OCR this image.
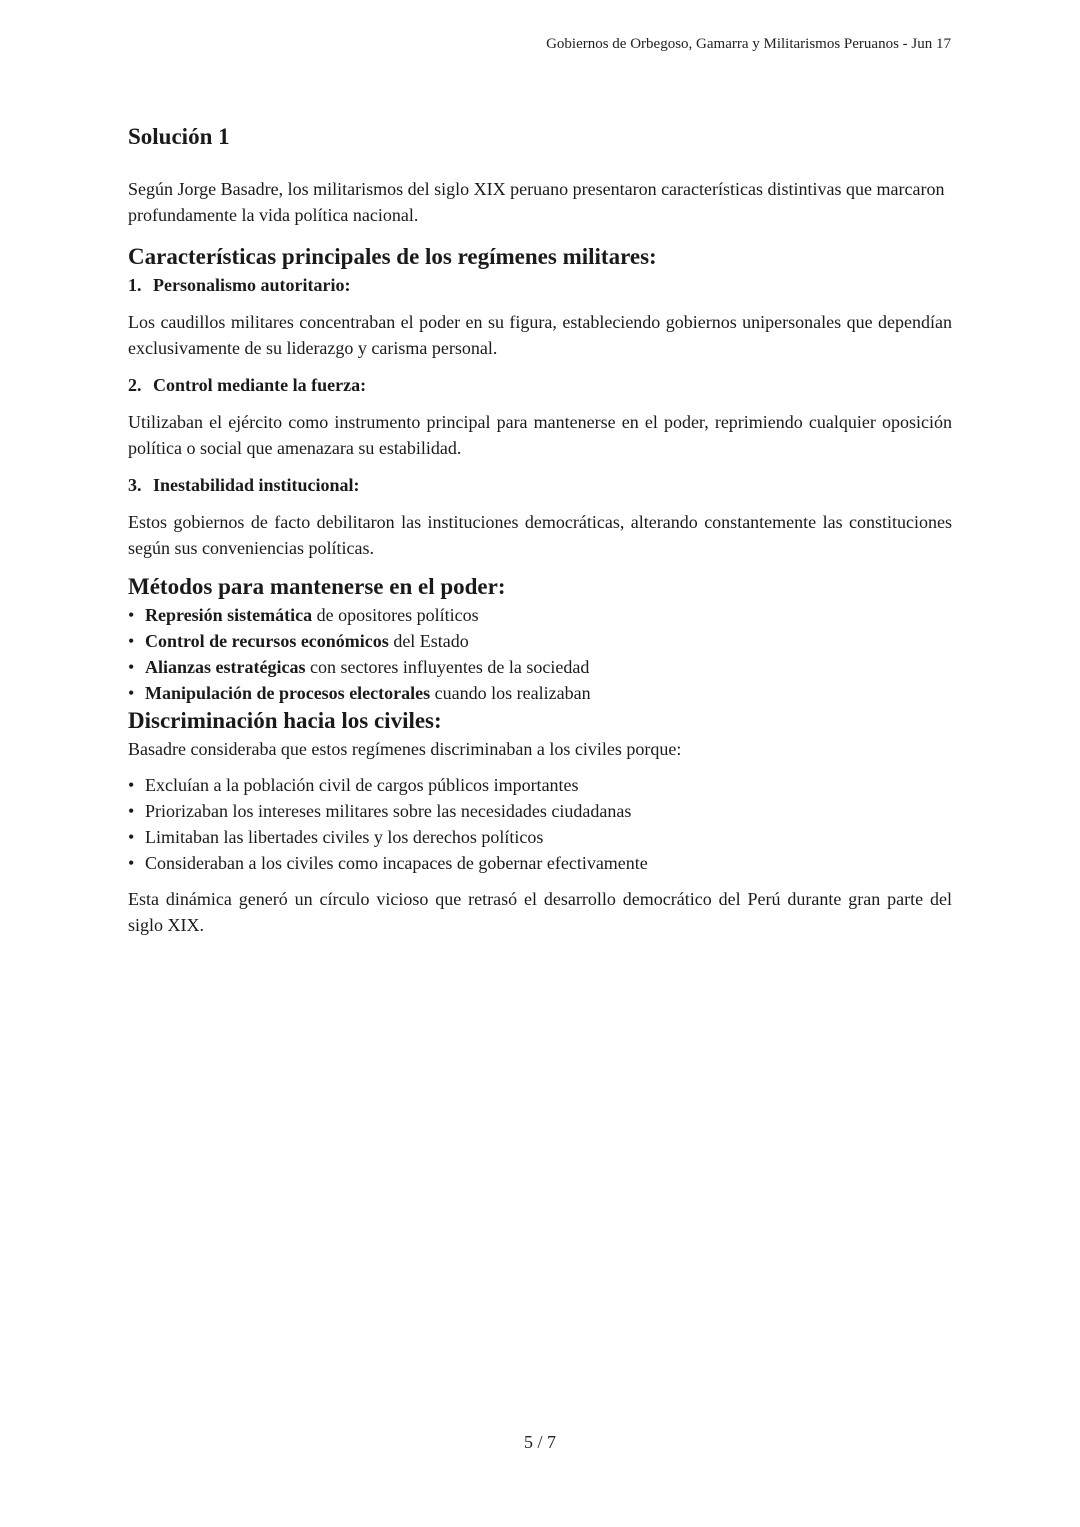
Gobiernos de Orbegoso, Gamarra y Militarismos Peruanos - Jun 17
Solución 1

Según Jorge Basadre, los militarismos del siglo XIX peruano presentaron características distintivas que marcaron profundamente la vida política nacional.

Características principales de los regímenes militares:
1. Personalismo autoritario:

Los caudillos militares concentraban el poder en su figura, estableciendo gobiernos unipersonales que dependían exclusivamente de su liderazgo y carisma personal.

2. Control mediante la fuerza:

Utilizaban el ejército como instrumento principal para mantenerse en el poder, reprimiendo cualquier oposición política o social que amenazara su estabilidad.

3. Inestabilidad institucional:

Estos gobiernos de facto debilitaron las instituciones democráticas, alterando constantemente las constituciones según sus conveniencias políticas.

Métodos para mantenerse en el poder:
• Represión sistemática de opositores políticos
• Control de recursos económicos del Estado
• Alianzas estratégicas con sectores influyentes de la sociedad
• Manipulación de procesos electorales cuando los realizaban
Discriminación hacia los civiles:

Basadre consideraba que estos regímenes discriminaban a los civiles porque:

• Excluían a la población civil de cargos públicos importantes
• Priorizaban los intereses militares sobre las necesidades ciudadanas
• Limitaban las libertades civiles y los derechos políticos
• Consideraban a los civiles como incapaces de gobernar efectivamente

Esta dinámica generó un círculo vicioso que retrasó el desarrollo democrático del Perú durante gran parte del siglo XIX.

5 / 7
